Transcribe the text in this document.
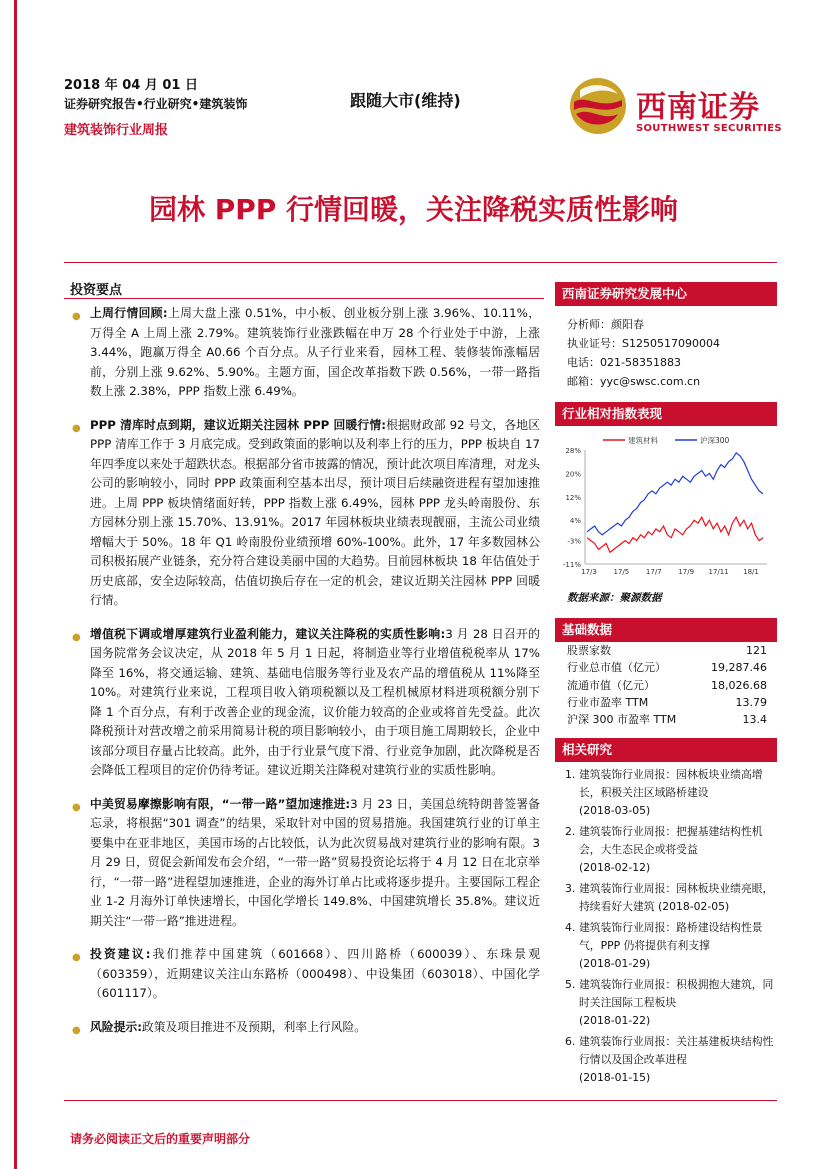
2018 年 04 月 01 日
证券研究报告•行业研究•建筑装饰
建筑装饰行业周报
跟随大市(维持)	西南证券
SOUTHWEST SECURITIES
园林 PPP 行情回暖，关注降税实质性影响
投资要点
● 上周行情回顾:上周大盘上涨 0.51%，中小板、创业板分别上涨 3.96%、10.11%，万得全 A 上周上涨 2.79%。建筑装饰行业涨跌幅在申万 28 个行业处于中游，上涨 3.44%，跑赢万得全 A0.66 个百分点。从子行业来看，园林工程、装修装饰涨幅居前，分别上涨 9.62%、5.90%。主题方面，国企改革指数下跌 0.56%，一带一路指数上涨 2.38%，PPP 指数上涨 6.49%。
● PPP 清库时点到期，建议近期关注园林 PPP 回暖行情:根据财政部 92 号文，各地区 PPP 清库工作于 3 月底完成。受到政策面的影响以及利率上行的压力，PPP 板块自 17 年四季度以来处于超跌状态。根据部分省市披露的情况，预计此次项目库清理，对龙头公司的影响较小，同时 PPP 政策面利空基本出尽，预计项目后续融资进程有望加速推进。上周 PPP 板块情绪面好转，PPP 指数上涨 6.49%，园林 PPP 龙头岭南股份、东方园林分别上涨 15.70%、13.91%。2017 年园林板块业绩表现靓丽，主流公司业绩增幅大于 50%。18 年 Q1 岭南股份业绩预增 60%-100%。此外，17 年多数园林公司积极拓展产业链条，充分符合建设美丽中国的大趋势。目前园林板块 18 年估值处于历史底部，安全边际较高，估值切换后存在一定的机会，建议近期关注园林 PPP 回暖行情。
● 增值税下调或增厚建筑行业盈利能力，建议关注降税的实质性影响:3 月 28 日召开的国务院常务会议决定，从 2018 年 5 月 1 日起，将制造业等行业增值税税率从 17%降至 16%，将交通运输、建筑、基础电信服务等行业及农产品的增值税从 11%降至 10%。对建筑行业来说，工程项目收入销项税额以及工程机械原材料进项税额分别下降 1 个百分点，有利于改善企业的现金流，议价能力较高的企业或将首先受益。此次降税预计对营改增之前采用简易计税的项目影响较小，由于项目施工周期较长，企业中该部分项目存量占比较高。此外，由于行业景气度下滑、行业竞争加剧，此次降税是否会降低工程项目的定价仍待考证。建议近期关注降税对建筑行业的实质性影响。
● 中美贸易摩擦影响有限，“一带一路”望加速推进:3 月 23 日，美国总统特朗普签署备忘录，将根据“301 调查”的结果，采取针对中国的贸易措施。我国建筑行业的订单主要集中在亚非地区，美国市场的占比较低，认为此次贸易战对建筑行业的影响有限。3 月 29 日，贸促会新闻发布会介绍，“一带一路”贸易投资论坛将于 4 月 12 日在北京举行，“一带一路”进程望加速推进，企业的海外订单占比或将逐步提升。主要国际工程企业 1-2 月海外订单快速增长，中国化学增长 149.8%、中国建筑增长 35.8%。建议近期关注“一带一路”推进进程。
● 投资建议:我们推荐中国建筑（601668）、四川路桥（600039）、东珠景观（603359），近期建议关注山东路桥（000498）、中设集团（603018）、中国化学（601117）。
● 风险提示:政策及项目推进不及预期，利率上行风险。
西南证券研究发展中心
分析师：颜阳春
执业证号：S1250517090004
电话：021-58351883
邮箱：yyc@swsc.com.cn
行业相对指数表现
28%
20%
12%
4%
-3%
-11%
17/3 17/5 17/7 17/9 17/11 18/1
建筑材料	沪深300
数据来源：聚源数据
基础数据
股票家数	121
行业总市值（亿元）	19,287.46
流通市值（亿元）	18,026.68
行业市盈率 TTM	13.79
沪深 300 市盈率 TTM	13.4
相关研究
1. 建筑装饰行业周报：园林板块业绩高增长，积极关注区域路桥建设
(2018-03-05)
2. 建筑装饰行业周报：把握基建结构性机会，大生态民企或将受益
(2018-02-12)
3. 建筑装饰行业周报：园林板块业绩亮眼，持续看好大建筑 (2018-02-05)
4. 建筑装饰行业周报：路桥建设结构性景气，PPP 仍将提供有利支撑
(2018-01-29)
5. 建筑装饰行业周报：积极拥抱大建筑，同时关注国际工程板块
(2018-01-22)
6. 建筑装饰行业周报：关注基建板块结构性行情以及国企改革进程
(2018-01-15)
请务必阅读正文后的重要声明部分
